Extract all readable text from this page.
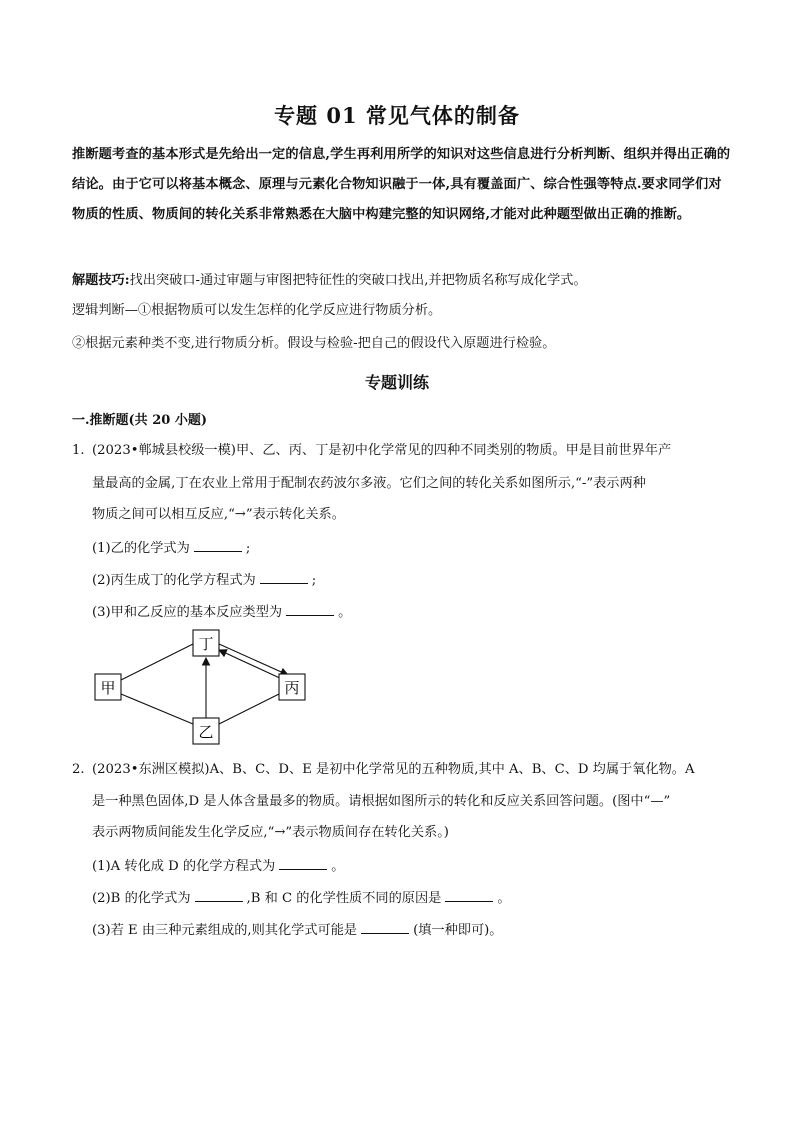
专题 01 常见气体的制备
推断题考查的基本形式是先给出一定的信息,学生再利用所学的知识对这些信息进行分析判断、组织并得出正确的结论。由于它可以将基本概念、原理与元素化合物知识融于一体,具有覆盖面广、综合性强等特点.要求同学们对物质的性质、物质间的转化关系非常熟悉在大脑中构建完整的知识网络,才能对此种题型做出正确的推断。
解题技巧:找出突破口-通过审题与审图把特征性的突破口找出,并把物质名称写成化学式。
逻辑判断—①根据物质可以发生怎样的化学反应进行物质分析。
②根据元素种类不变,进行物质分析。假设与检验-把自己的假设代入原题进行检验。
专题训练
一.推断题(共 20 小题)
1. (2023•郸城县校级一模)甲、乙、丙、丁是初中化学常见的四种不同类别的物质。甲是目前世界年产
量最高的金属,丁在农业上常用于配制农药波尔多液。它们之间的转化关系如图所示,“-”表示两种
物质之间可以相互反应,“→”表示转化关系。
(1)乙的化学式为	;
(2)丙生成丁的化学方程式为	;
(3)甲和乙反应的基本反应类型为	。
丁
甲	丙
乙
2. (2023•东洲区模拟)A、B、C、D、E 是初中化学常见的五种物质,其中 A、B、C、D 均属于氧化物。A
是一种黑色固体,D 是人体含量最多的物质。请根据如图所示的转化和反应关系回答问题。(图中“—”
表示两物质间能发生化学反应,“→”表示物质间存在转化关系。)
(1)A 转化成 D 的化学方程式为	。
(2)B 的化学式为	,B 和 C 的化学性质不同的原因是	。
(3)若 E 由三种元素组成的,则其化学式可能是	(填一种即可)。
